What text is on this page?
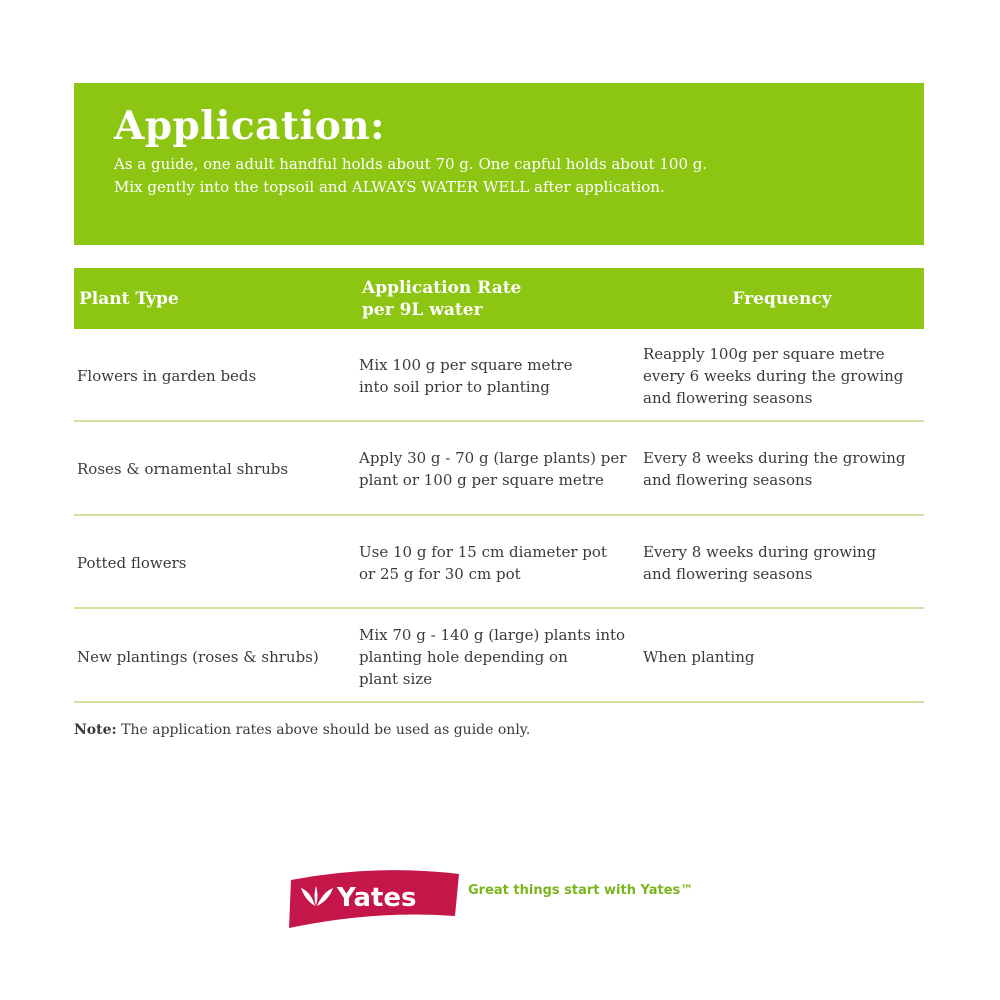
Application:

As a guide, one adult handful holds about 70 g. One capful holds about 100 g.
Mix gently into the topsoil and ALWAYS WATER WELL after application.

Plant Type
Application Rate
per 9L water
Frequency
Flowers in garden beds
Mix 100 g per square metre
into soil prior to planting
Reapply 100g per square metre
every 6 weeks during the growing
and flowering seasons
Roses & ornamental shrubs
Apply 30 g - 70 g (large plants) per
plant or 100 g per square metre
Every 8 weeks during the growing
and flowering seasons
Potted flowers
Use 10 g for 15 cm diameter pot
or 25 g for 30 cm pot
Every 8 weeks during growing
and flowering seasons
New plantings (roses & shrubs)
Mix 70 g - 140 g (large) plants into
planting hole depending on
plant size
When planting
Note: The application rates above should be used as guide only.
Yates	Great things start with Yates™
